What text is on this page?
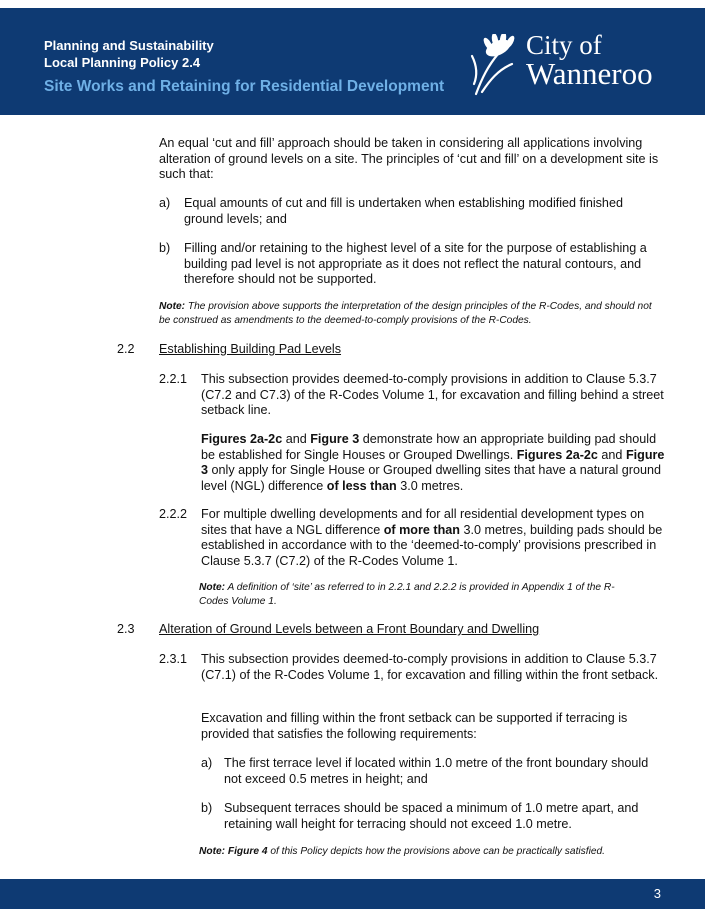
Planning and Sustainability
Local Planning Policy 2.4
Site Works and Retaining for Residential Development
City of
Wanneroo

An equal ‘cut and fill’ approach should be taken in considering all applications involving alteration of ground levels on a site. The principles of ‘cut and fill’ on a development site is such that:

a) Equal amounts of cut and fill is undertaken when establishing modified finished ground levels; and

b) Filling and/or retaining to the highest level of a site for the purpose of establishing a building pad level is not appropriate as it does not reflect the natural contours, and therefore should not be supported.

Note: The provision above supports the interpretation of the design principles of the R-Codes, and should not be construed as amendments to the deemed-to-comply provisions of the R-Codes.

2.2 Establishing Building Pad Levels
2.2.1 This subsection provides deemed-to-comply provisions in addition to Clause 5.3.7 (C7.2 and C7.3) of the R-Codes Volume 1, for excavation and filling behind a street setback line.

Figures 2a-2c and Figure 3 demonstrate how an appropriate building pad should be established for Single Houses or Grouped Dwellings. Figures 2a-2c and Figure 3 only apply for Single House or Grouped dwelling sites that have a natural ground level (NGL) difference of less than 3.0 metres.

2.2.2 For multiple dwelling developments and for all residential development types on sites that have a NGL difference of more than 3.0 metres, building pads should be established in accordance with to the ‘deemed-to-comply’ provisions prescribed in Clause 5.3.7 (C7.2) of the R-Codes Volume 1.

Note: A definition of ‘site’ as referred to in 2.2.1 and 2.2.2 is provided in Appendix 1 of the R-Codes Volume 1.

2.3 Alteration of Ground Levels between a Front Boundary and Dwelling
2.3.1 This subsection provides deemed-to-comply provisions in addition to Clause 5.3.7 (C7.1) of the R-Codes Volume 1, for excavation and filling within the front setback.

Excavation and filling within the front setback can be supported if terracing is provided that satisfies the following requirements:

a) The first terrace level if located within 1.0 metre of the front boundary should not exceed 0.5 metres in height; and

b) Subsequent terraces should be spaced a minimum of 1.0 metre apart, and retaining wall height for terracing should not exceed 1.0 metre.

Note: Figure 4 of this Policy depicts how the provisions above can be practically satisfied.

3
